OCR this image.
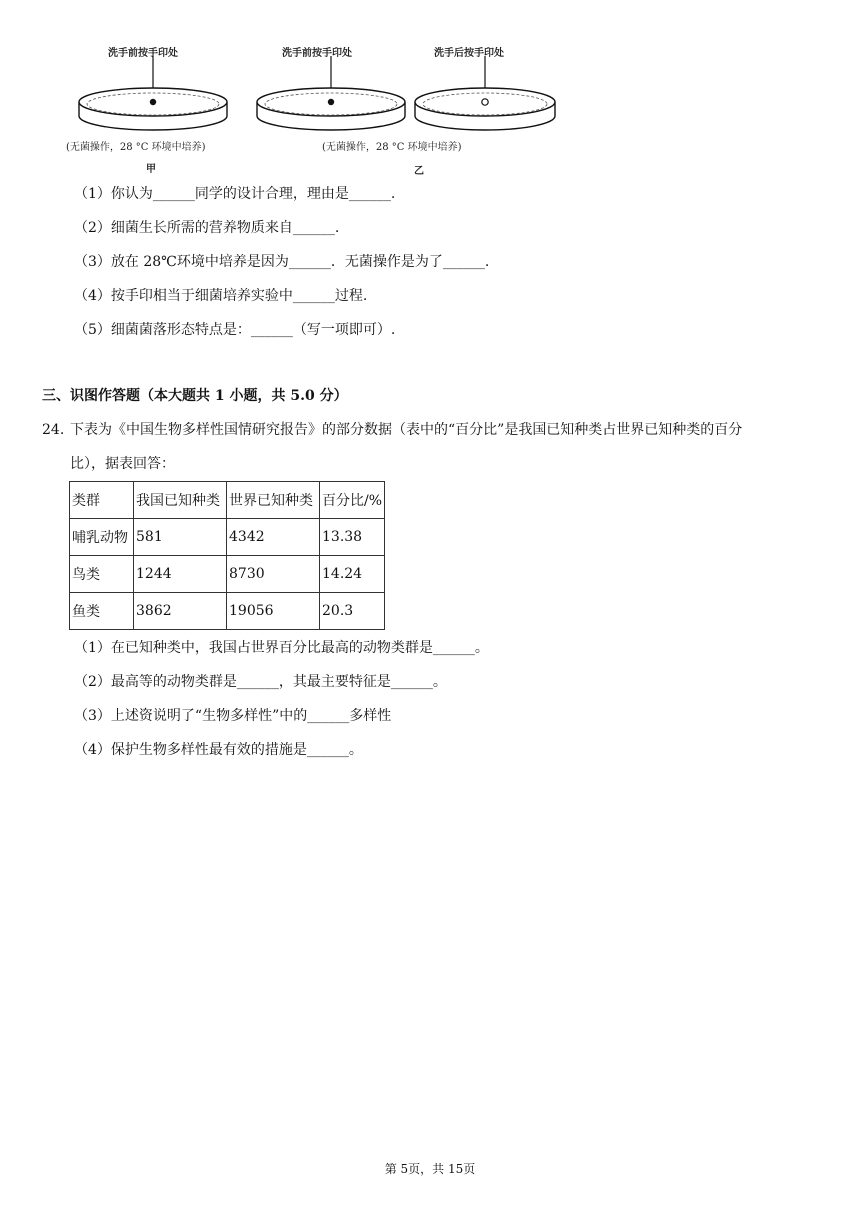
洗手前按手印处	洗手前按手印处	洗手后按手印处
(无菌操作，28 °C 环境中培养)	(无菌操作，28 °C 环境中培养)
甲	乙
（1）你认为______同学的设计合理，理由是______.
（2）细菌生长所需的营养物质来自______.
（3）放在 28℃环境中培养是因为______．无菌操作是为了______.
（4）按手印相当于细菌培养实验中______过程.
（5）细菌菌落形态特点是：______（写一项即可）.
三、识图作答题（本大题共 1 小题，共 5.0 分）
24. 下表为《中国生物多样性国情研究报告》的部分数据（表中的“百分比”是我国已知种类占世界已知种类的百分
比），据表回答：
类群	我国已知种类	世界已知种类	百分比/%
哺乳动物	581	4342	13.38
鸟类	1244	8730	14.24
鱼类	3862	19056	20.3
（1）在已知种类中，我国占世界百分比最高的动物类群是______。
（2）最高等的动物类群是______，其最主要特征是______。
（3）上述资说明了“生物多样性”中的______多样性
（4）保护生物多样性最有效的措施是______。
第 5页，共 15页
